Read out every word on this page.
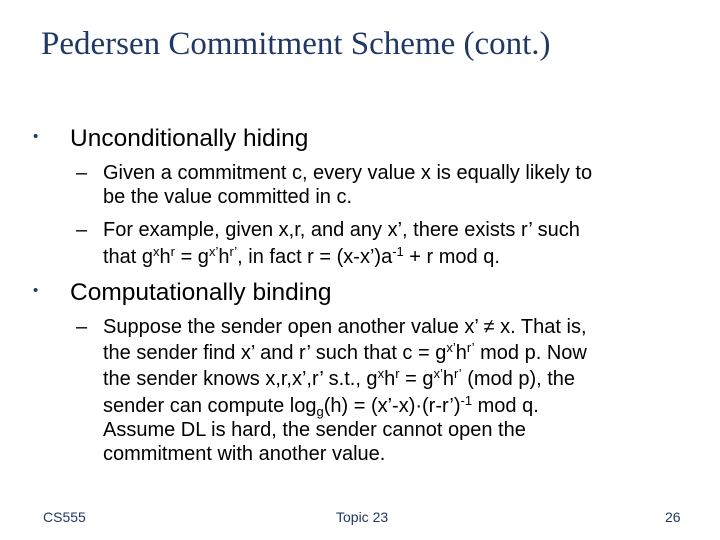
Pedersen Commitment Scheme (cont.)
• Unconditionally hiding
– Given a commitment c, every value x is equally likely to
be the value committed in c.
– For example, given x,r, and any x’, there exists r’ such
that $g^xh^r = g^{x’}h^{r’}$, in fact $r = (x-x’)a^{-1} + r$ mod q.
• Computationally binding
– Suppose the sender open another value x’ ≠ x. That is,
the sender find x’ and r’ such that $c = g^{x’}h^{r’}$ mod p. Now
the sender knows x,r,x’,r’ s.t., $g^xh^r = g^{x’}h^{r’}$ (mod p), the
sender can compute $\log_g(h)$ = (x’-x)·(r-r’)$^{-1}$ mod q.
Assume DL is hard, the sender cannot open the
commitment with another value.
CS555	Topic 23	26
